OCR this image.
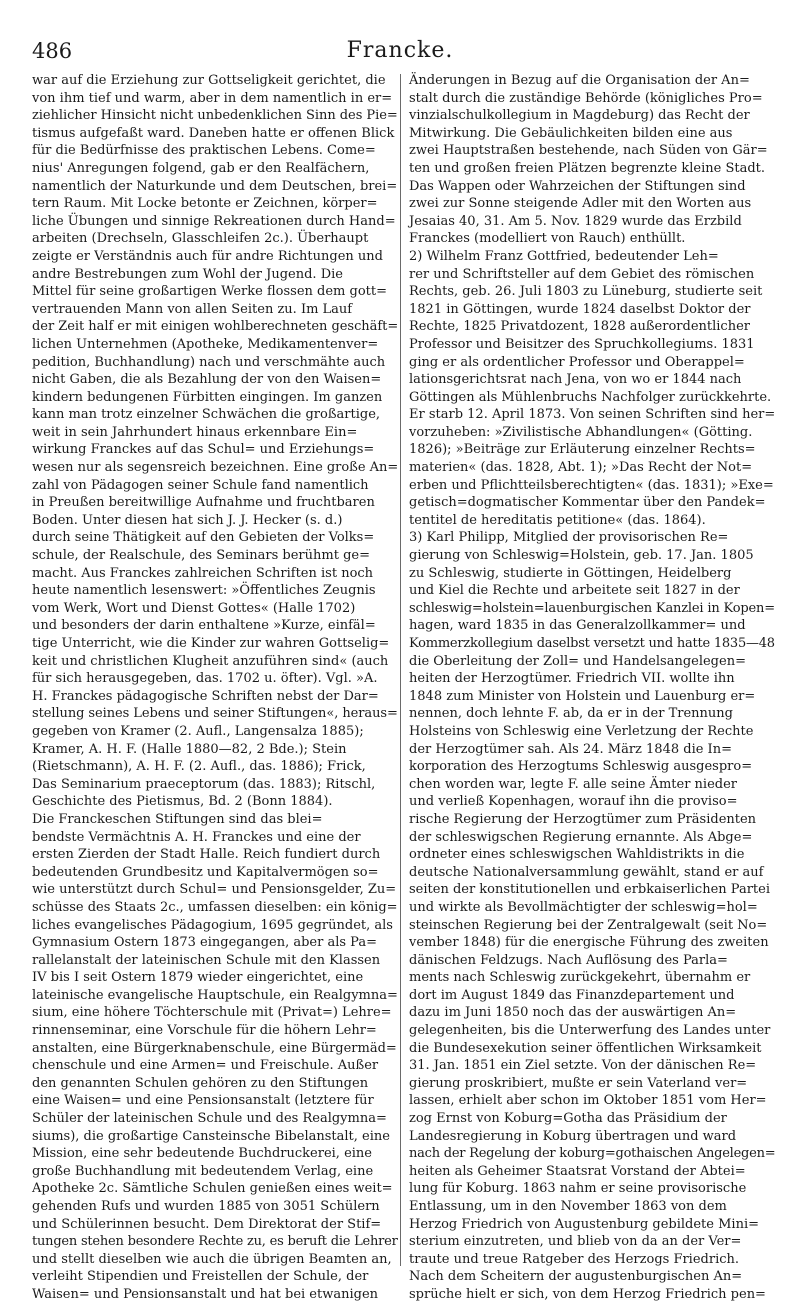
486	Francke.
war auf die Erziehung zur Gottseligkeit gerichtet, die
von ihm tief und warm, aber in dem namentlich in er=
ziehlicher Hinsicht nicht unbedenklichen Sinn des Pie=
tismus aufgefaßt ward. Daneben hatte er offenen Blick
für die Bedürfnisse des praktischen Lebens. Come=
nius' Anregungen folgend, gab er den Realfächern,
namentlich der Naturkunde und dem Deutschen, brei=
tern Raum. Mit Locke betonte er Zeichnen, körper=
liche Übungen und sinnige Rekreationen durch Hand=
arbeiten (Drechseln, Glasschleifen 2c.). Überhaupt
zeigte er Verständnis auch für andre Richtungen und
andre Bestrebungen zum Wohl der Jugend. Die
Mittel für seine großartigen Werke flossen dem gott=
vertrauenden Mann von allen Seiten zu. Im Lauf
der Zeit half er mit einigen wohlberechneten geschäft=
lichen Unternehmen (Apotheke, Medikamentenver=
pedition, Buchhandlung) nach und verschmähte auch
nicht Gaben, die als Bezahlung der von den Waisen=
kindern bedungenen Fürbitten eingingen. Im ganzen
kann man trotz einzelner Schwächen die großartige,
weit in sein Jahrhundert hinaus erkennbare Ein=
wirkung Franckes auf das Schul= und Erziehungs=
wesen nur als segensreich bezeichnen. Eine große An=
zahl von Pädagogen seiner Schule fand namentlich
in Preußen bereitwillige Aufnahme und fruchtbaren
Boden. Unter diesen hat sich J. J. Hecker (s. d.)
durch seine Thätigkeit auf den Gebieten der Volks=
schule, der Realschule, des Seminars berühmt ge=
macht. Aus Franckes zahlreichen Schriften ist noch
heute namentlich lesenswert: »Öffentliches Zeugnis
vom Werk, Wort und Dienst Gottes« (Halle 1702)
und besonders der darin enthaltene »Kurze, einfäl=
tige Unterricht, wie die Kinder zur wahren Gottselig=
keit und christlichen Klugheit anzuführen sind« (auch
für sich herausgegeben, das. 1702 u. öfter). Vgl. »A.
H. Franckes pädagogische Schriften nebst der Dar=
stellung seines Lebens und seiner Stiftungen«, heraus=
gegeben von Kramer (2. Aufl., Langensalza 1885);
Kramer, A. H. F. (Halle 1880—82, 2 Bde.); Stein
(Rietschmann), A. H. F. (2. Aufl., das. 1886); Frick,
Das Seminarium praeceptorum (das. 1883); Ritschl,
Geschichte des Pietismus, Bd. 2 (Bonn 1884).
Die Franckeschen Stiftungen sind das blei=
bendste Vermächtnis A. H. Franckes und eine der
ersten Zierden der Stadt Halle. Reich fundiert durch
bedeutenden Grundbesitz und Kapitalvermögen so=
wie unterstützt durch Schul= und Pensionsgelder, Zu=
schüsse des Staats 2c., umfassen dieselben: ein könig=
liches evangelisches Pädagogium, 1695 gegründet, als
Gymnasium Ostern 1873 eingegangen, aber als Pa=
rallelanstalt der lateinischen Schule mit den Klassen
IV bis I seit Ostern 1879 wieder eingerichtet, eine
lateinische evangelische Hauptschule, ein Realgymna=
sium, eine höhere Töchterschule mit (Privat=) Lehre=
rinnenseminar, eine Vorschule für die höhern Lehr=
anstalten, eine Bürgerknabenschule, eine Bürgermäd=
chenschule und eine Armen= und Freischule. Außer
den genannten Schulen gehören zu den Stiftungen
eine Waisen= und eine Pensionsanstalt (letztere für
Schüler der lateinischen Schule und des Realgymna=
siums), die großartige Cansteinsche Bibelanstalt, eine
Mission, eine sehr bedeutende Buchdruckerei, eine
große Buchhandlung mit bedeutendem Verlag, eine
Apotheke 2c. Sämtliche Schulen genießen eines weit=
gehenden Rufs und wurden 1885 von 3051 Schülern
und Schülerinnen besucht. Dem Direktorat der Stif=
tungen stehen besondere Rechte zu, es beruft die Lehrer
und stellt dieselben wie auch die übrigen Beamten an,
verleiht Stipendien und Freistellen der Schule, der
Waisen= und Pensionsanstalt und hat bei etwanigen
Änderungen in Bezug auf die Organisation der An=
stalt durch die zuständige Behörde (königliches Pro=
vinzialschulkollegium in Magdeburg) das Recht der
Mitwirkung. Die Gebäulichkeiten bilden eine aus
zwei Hauptstraßen bestehende, nach Süden von Gär=
ten und großen freien Plätzen begrenzte kleine Stadt.
Das Wappen oder Wahrzeichen der Stiftungen sind
zwei zur Sonne steigende Adler mit den Worten aus
Jesaias 40, 31. Am 5. Nov. 1829 wurde das Erzbild
Franckes (modelliert von Rauch) enthüllt.
2) Wilhelm Franz Gottfried, bedeutender Leh=
rer und Schriftsteller auf dem Gebiet des römischen
Rechts, geb. 26. Juli 1803 zu Lüneburg, studierte seit
1821 in Göttingen, wurde 1824 daselbst Doktor der
Rechte, 1825 Privatdozent, 1828 außerordentlicher
Professor und Beisitzer des Spruchkollegiums. 1831
ging er als ordentlicher Professor und Oberappel=
lationsgerichtsrat nach Jena, von wo er 1844 nach
Göttingen als Mühlenbruchs Nachfolger zurückkehrte.
Er starb 12. April 1873. Von seinen Schriften sind her=
vorzuheben: »Zivilistische Abhandlungen« (Götting.
1826); »Beiträge zur Erläuterung einzelner Rechts=
materien« (das. 1828, Abt. 1); »Das Recht der Not=
erben und Pflichtteilsberechtigten« (das. 1831); »Exe=
getisch=dogmatischer Kommentar über den Pandek=
tentitel de hereditatis petitione« (das. 1864).
3) Karl Philipp, Mitglied der provisorischen Re=
gierung von Schleswig=Holstein, geb. 17. Jan. 1805
zu Schleswig, studierte in Göttingen, Heidelberg
und Kiel die Rechte und arbeitete seit 1827 in der
schleswig=holstein=lauenburgischen Kanzlei in Kopen=
hagen, ward 1835 in das Generalzollkammer= und
Kommerzkollegium daselbst versetzt und hatte 1835—48
die Oberleitung der Zoll= und Handelsangelegen=
heiten der Herzogtümer. Friedrich VII. wollte ihn
1848 zum Minister von Holstein und Lauenburg er=
nennen, doch lehnte F. ab, da er in der Trennung
Holsteins von Schleswig eine Verletzung der Rechte
der Herzogtümer sah. Als 24. März 1848 die In=
korporation des Herzogtums Schleswig ausgespro=
chen worden war, legte F. alle seine Ämter nieder
und verließ Kopenhagen, worauf ihn die proviso=
rische Regierung der Herzogtümer zum Präsidenten
der schleswigschen Regierung ernannte. Als Abge=
ordneter eines schleswigschen Wahldistrikts in die
deutsche Nationalversammlung gewählt, stand er auf
seiten der konstitutionellen und erbkaiserlichen Partei
und wirkte als Bevollmächtigter der schleswig=hol=
steinschen Regierung bei der Zentralgewalt (seit No=
vember 1848) für die energische Führung des zweiten
dänischen Feldzugs. Nach Auflösung des Parla=
ments nach Schleswig zurückgekehrt, übernahm er
dort im August 1849 das Finanzdepartement und
dazu im Juni 1850 noch das der auswärtigen An=
gelegenheiten, bis die Unterwerfung des Landes unter
die Bundesexekution seiner öffentlichen Wirksamkeit
31. Jan. 1851 ein Ziel setzte. Von der dänischen Re=
gierung proskribiert, mußte er sein Vaterland ver=
lassen, erhielt aber schon im Oktober 1851 vom Her=
zog Ernst von Koburg=Gotha das Präsidium der
Landesregierung in Koburg übertragen und ward
nach der Regelung der koburg=gothaischen Angelegen=
heiten als Geheimer Staatsrat Vorstand der Abtei=
lung für Koburg. 1863 nahm er seine provisorische
Entlassung, um in den November 1863 von dem
Herzog Friedrich von Augustenburg gebildete Mini=
sterium einzutreten, und blieb von da an der Ver=
traute und treue Ratgeber des Herzogs Friedrich.
Nach dem Scheitern der augustenburgischen An=
sprüche hielt er sich, von dem Herzog Friedrich pen=
